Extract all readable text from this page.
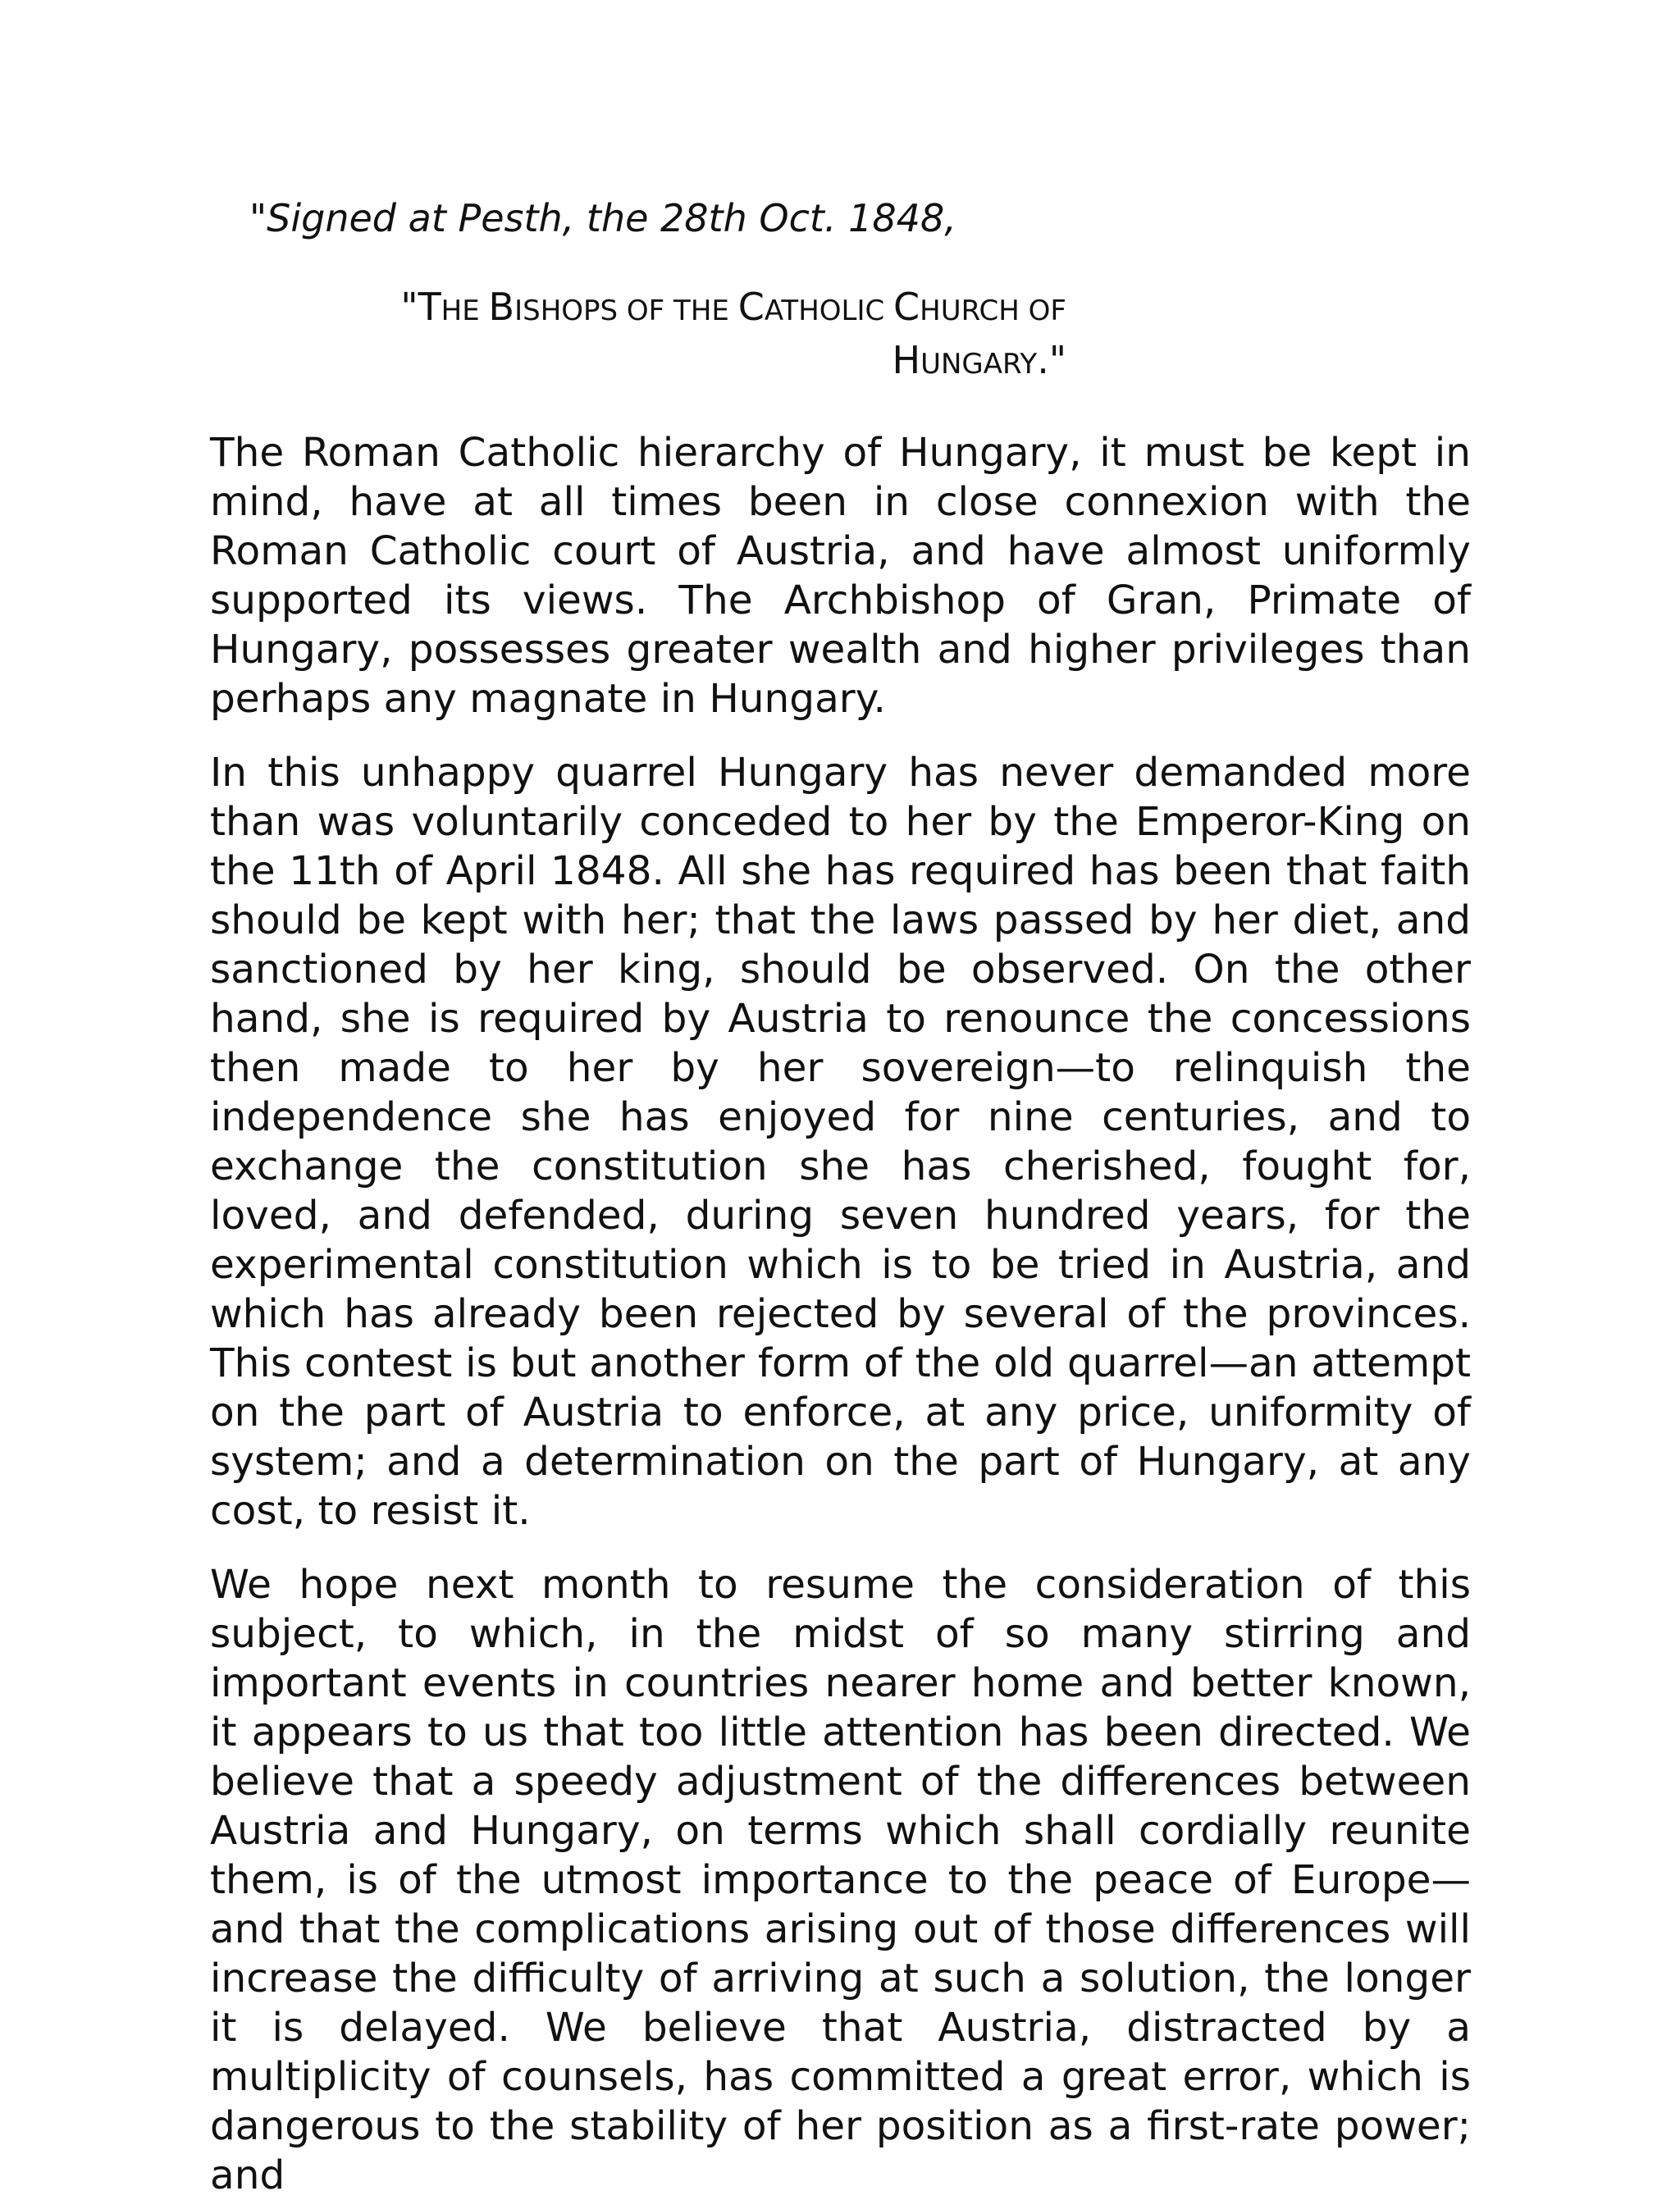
"Signed at Pesth, the 28th Oct. 1848,
"THE BISHOPS OF THE CATHOLIC CHURCH OF
HUNGARY."

The Roman Catholic hierarchy of Hungary, it must be kept in mind, have at all times been in close connexion with the Roman Catholic court of Austria, and have almost uniformly supported its views. The Archbishop of Gran, Primate of Hungary, possesses greater wealth and higher privileges than perhaps any magnate in Hungary.

In this unhappy quarrel Hungary has never demanded more than was voluntarily conceded to her by the Emperor-King on the 11th of April 1848. All she has required has been that faith should be kept with her; that the laws passed by her diet, and sanctioned by her king, should be observed. On the other hand, she is required by Austria to renounce the concessions then made to her by her sovereign—to relinquish the independence she has enjoyed for nine centuries, and to exchange the constitution she has cherished, fought for, loved, and defended, during seven hundred years, for the experimental constitution which is to be tried in Austria, and which has already been rejected by several of the provinces. This contest is but another form of the old quarrel—an attempt on the part of Austria to enforce, at any price, uniformity of system; and a determination on the part of Hungary, at any cost, to resist it.

We hope next month to resume the consideration of this subject, to which, in the midst of so many stirring and important events in countries nearer home and better known, it appears to us that too little attention has been directed. We believe that a speedy adjustment of the differences between Austria and Hungary, on terms which shall cordially reunite them, is of the utmost importance to the peace of Europe—and that the complications arising out of those differences will increase the difficulty of arriving at such a solution, the longer it is delayed. We believe that Austria, distracted by a multiplicity of counsels, has committed a great error, which is dangerous to the stability of her position as a first-rate power; and
